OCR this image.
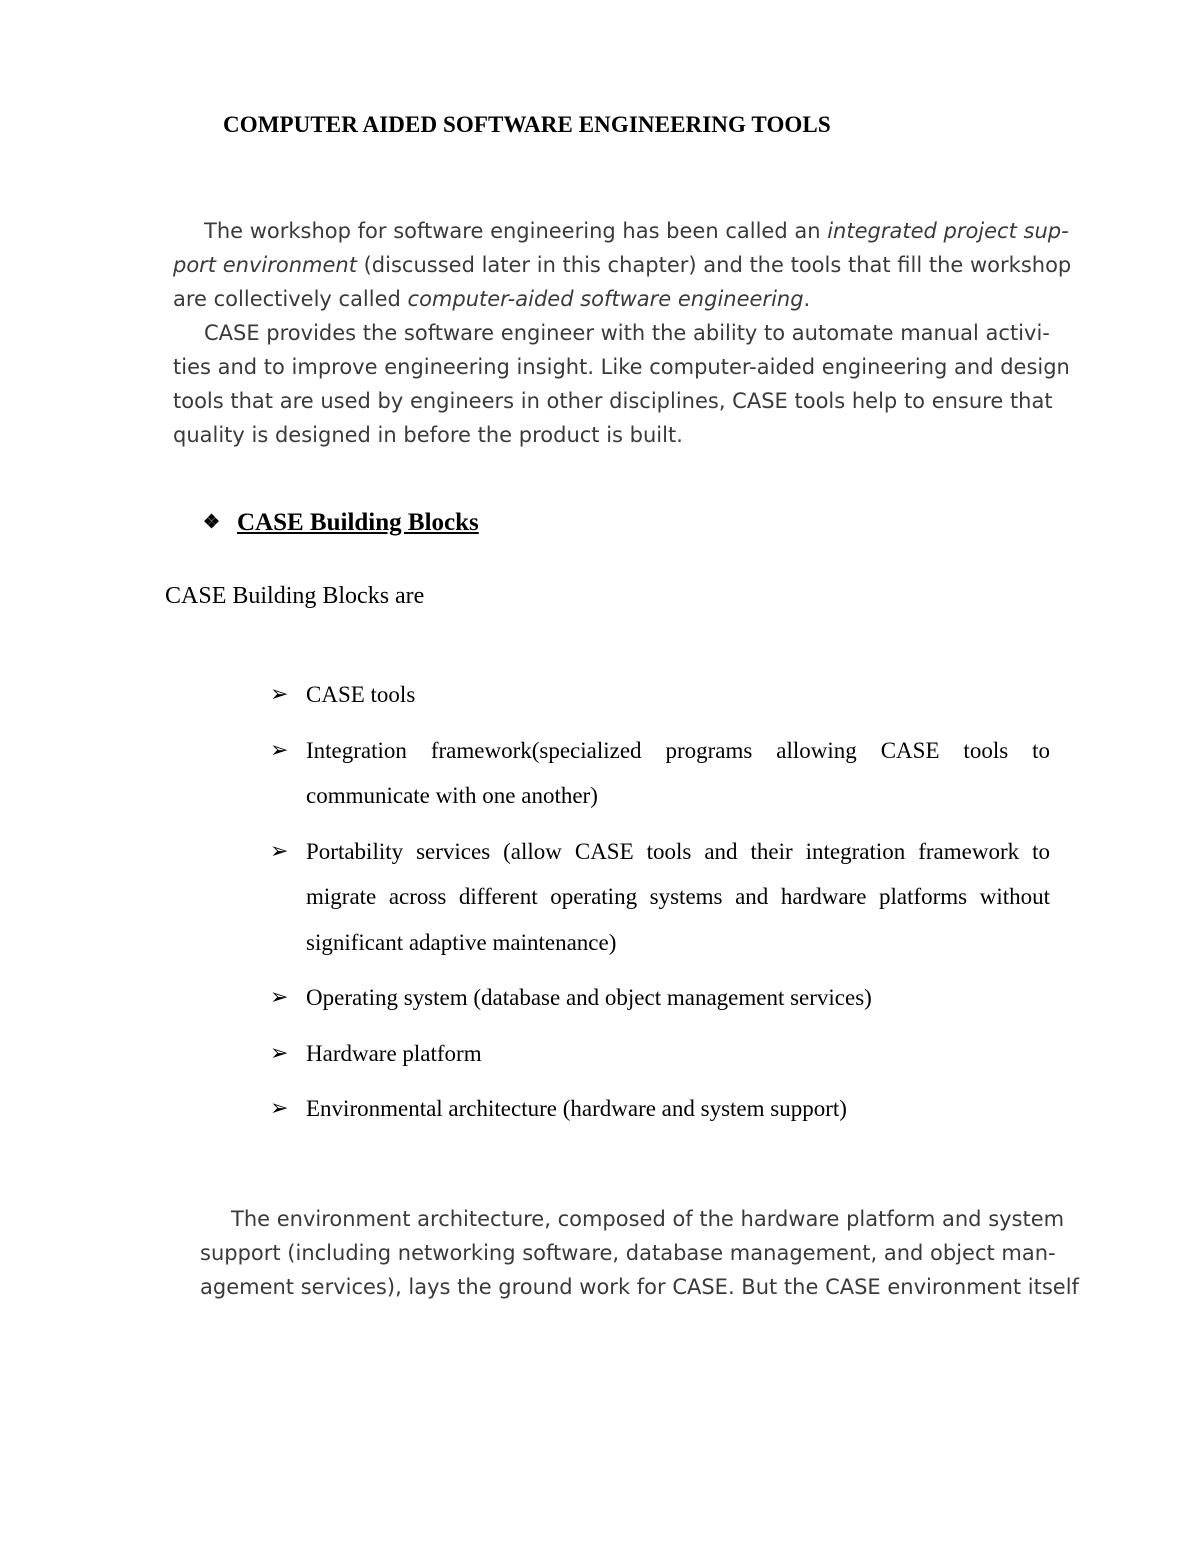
COMPUTER AIDED SOFTWARE ENGINEERING TOOLS
The workshop for software engineering has been called an integrated project sup-
port environment (discussed later in this chapter) and the tools that fill the workshop
are collectively called computer-aided software engineering.
CASE provides the software engineer with the ability to automate manual activi-
ties and to improve engineering insight. Like computer-aided engineering and design
tools that are used by engineers in other disciplines, CASE tools help to ensure that
quality is designed in before the product is built.
❖ CASE Building Blocks
CASE Building Blocks are
➢ CASE tools
➢ Integration framework(specialized programs allowing CASE tools to communicate with one another)
➢ Portability services (allow CASE tools and their integration framework to migrate across different operating systems and hardware platforms without significant adaptive maintenance)
➢ Operating system (database and object management services)
➢ Hardware platform
➢ Environmental architecture (hardware and system support)
The environment architecture, composed of the hardware platform and system
support (including networking software, database management, and object man-
agement services), lays the ground work for CASE. But the CASE environment itself
